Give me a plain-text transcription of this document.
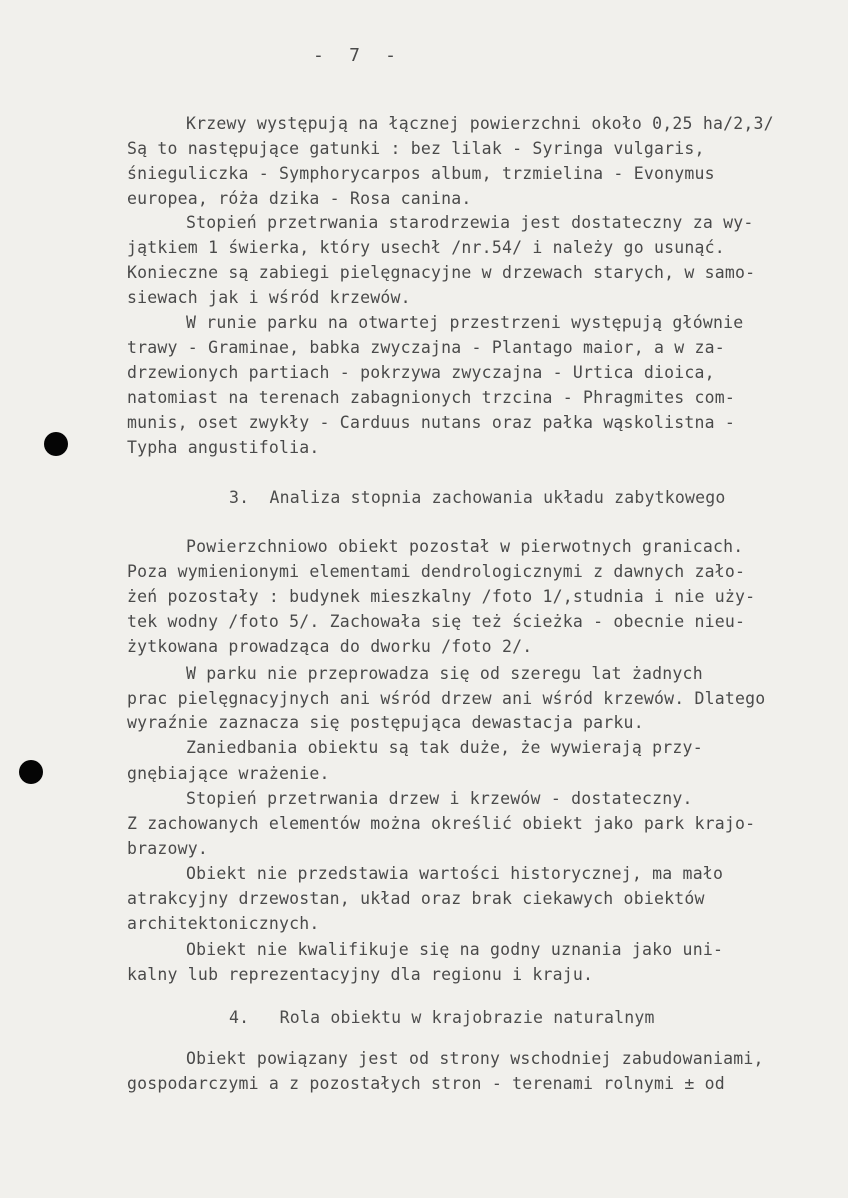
- 7 -
Krzewy występują na łącznej powierzchni około 0,25 ha/2,3/
Są to następujące gatunki : bez lilak - Syringa vulgaris,
śnieguliczka - Symphorycarpos album, trzmielina - Evonymus
europea, róża dzika - Rosa canina.
Stopień przetrwania starodrzewia jest dostateczny za wy-
jątkiem 1 świerka, który usechł /nr.54/ i należy go usunąć.
Konieczne są zabiegi pielęgnacyjne w drzewach starych, w samo-
siewach jak i wśród krzewów.
W runie parku na otwartej przestrzeni występują głównie
trawy - Graminae, babka zwyczajna - Plantago maior, a w za-
drzewionych partiach - pokrzywa zwyczajna - Urtica dioica,
natomiast na terenach zabagnionych trzcina - Phragmites com-
munis, oset zwykły - Carduus nutans oraz pałka wąskolistna -
Typha angustifolia.
3.  Analiza stopnia zachowania układu zabytkowego
Powierzchniowo obiekt pozostał w pierwotnych granicach.
Poza wymienionymi elementami dendrologicznymi z dawnych zało-
żeń pozostały : budynek mieszkalny /foto 1/,studnia i nie uży-
tek wodny /foto 5/. Zachowała się też ścieżka - obecnie nieu-
żytkowana prowadząca do dworku /foto 2/.
W parku nie przeprowadza się od szeregu lat żadnych
prac pielęgnacyjnych ani wśród drzew ani wśród krzewów. Dlatego
wyraźnie zaznacza się postępująca dewastacja parku.
Zaniedbania obiektu są tak duże, że wywierają przy-
gnębiające wrażenie.
Stopień przetrwania drzew i krzewów - dostateczny.
Z zachowanych elementów można określić obiekt jako park krajo-
brazowy.
Obiekt nie przedstawia wartości historycznej, ma mało
atrakcyjny drzewostan, układ oraz brak ciekawych obiektów
architektonicznych.
Obiekt nie kwalifikuje się na godny uznania jako uni-
kalny lub reprezentacyjny dla regionu i kraju.
4.   Rola obiektu w krajobrazie naturalnym
Obiekt powiązany jest od strony wschodniej zabudowaniami,
gospodarczymi a z pozostałych stron - terenami rolnymi ± od
